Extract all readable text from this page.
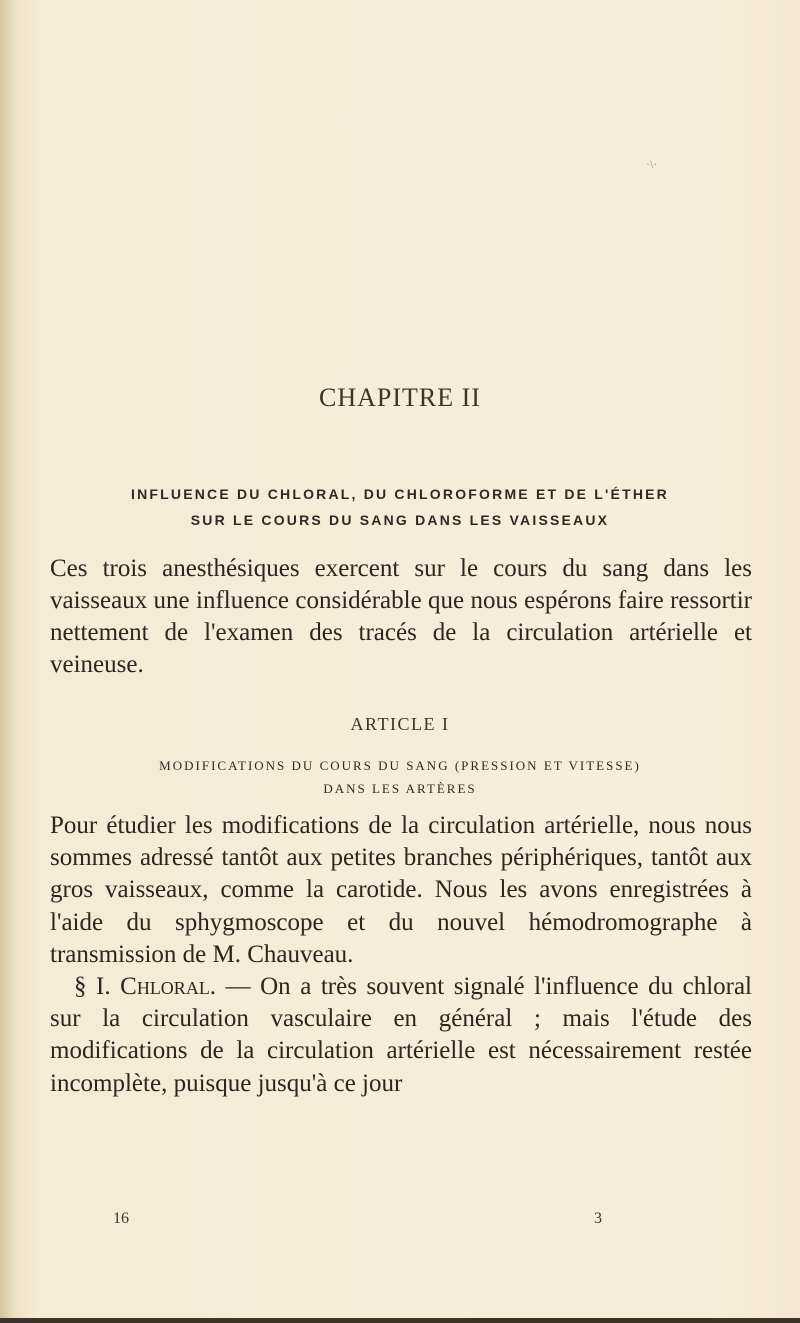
·\·
CHAPITRE II
INFLUENCE DU CHLORAL, DU CHLOROFORME ET DE L'ÉTHER
SUR LE COURS DU SANG DANS LES VAISSEAUX

Ces trois anesthésiques exercent sur le cours du sang dans les vaisseaux une influence considérable que nous espérons faire ressortir nettement de l'examen des tracés de la circulation artérielle et veineuse.

ARTICLE I
MODIFICATIONS DU COURS DU SANG (PRESSION ET VITESSE)
DANS LES ARTÈRES
Pour étudier les modifications de la circulation artérielle, nous nous sommes adressé tantôt aux petites branches périphériques, tantôt aux gros vaisseaux, comme la carotide. Nous les avons enregistrées à l'aide du sphygmoscope et du nouvel hémodromographe à transmission de M. Chauveau.
§ I. Chloral. — On a très souvent signalé l'influence du chloral sur la circulation vasculaire en général ; mais l'étude des modifications de la circulation artérielle est nécessairement restée incomplète, puisque jusqu'à ce jour
16	3
